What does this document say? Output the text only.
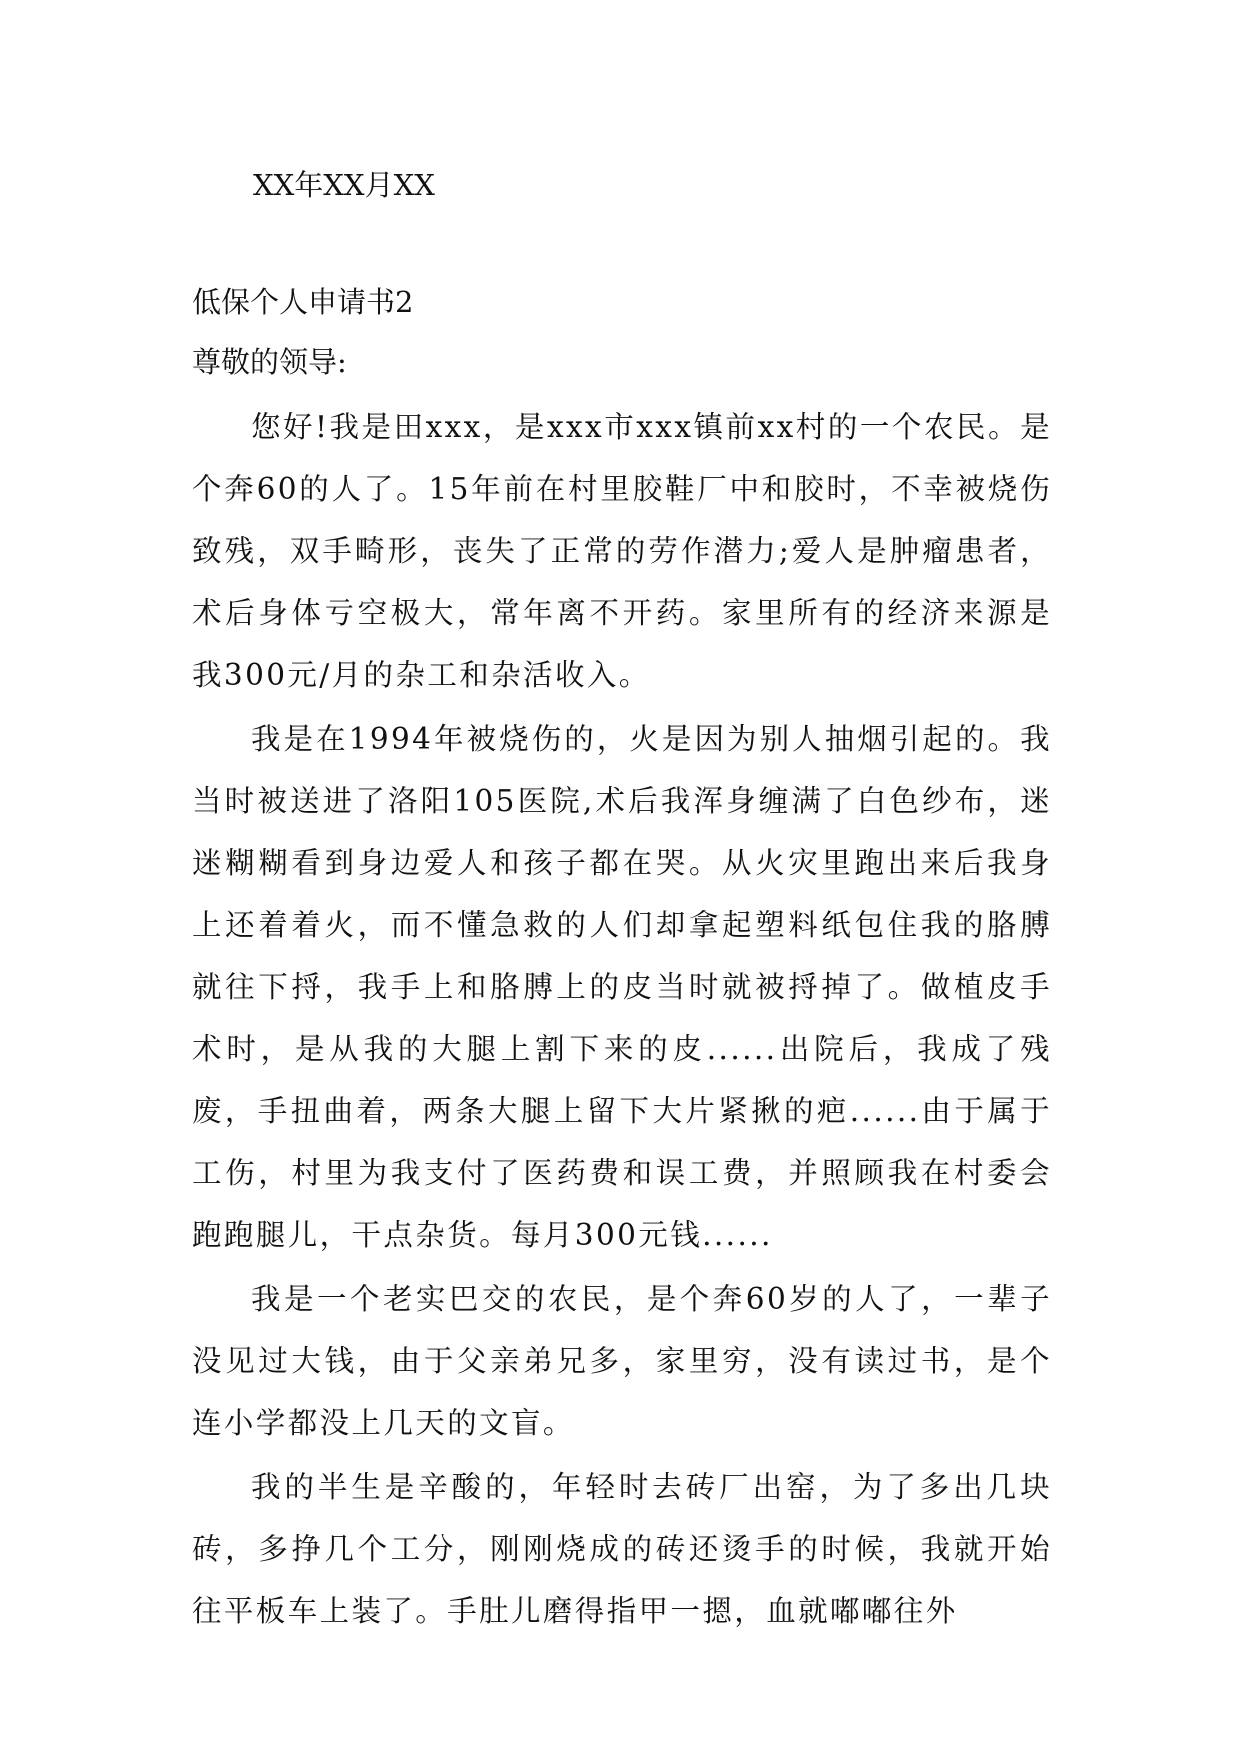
XX年XX月XX
低保个人申请书2
尊敬的领导:

您好!我是田xxx，是xxx市xxx镇前xx村的一个农民。是个奔60的人了。15年前在村里胶鞋厂中和胶时，不幸被烧伤致残，双手畸形，丧失了正常的劳作潜力;爱人是肿瘤患者，术后身体亏空极大，常年离不开药。家里所有的经济来源是我300元/月的杂工和杂活收入。

我是在1994年被烧伤的，火是因为别人抽烟引起的。我当时被送进了洛阳105医院,术后我浑身缠满了白色纱布，迷迷糊糊看到身边爱人和孩子都在哭。从火灾里跑出来后我身上还着着火，而不懂急救的人们却拿起塑料纸包住我的胳膊就往下捋，我手上和胳膊上的皮当时就被捋掉了。做植皮手术时，是从我的大腿上割下来的皮......出院后，我成了残废，手扭曲着，两条大腿上留下大片紧揪的疤......由于属于工伤，村里为我支付了医药费和误工费，并照顾我在村委会跑跑腿儿，干点杂货。每月300元钱......

我是一个老实巴交的农民，是个奔60岁的人了，一辈子没见过大钱，由于父亲弟兄多，家里穷，没有读过书，是个连小学都没上几天的文盲。

我的半生是辛酸的，年轻时去砖厂出窑，为了多出几块砖，多挣几个工分，刚刚烧成的砖还烫手的时候，我就开始往平板车上装了。手肚儿磨得指甲一摁，血就嘟嘟往外
